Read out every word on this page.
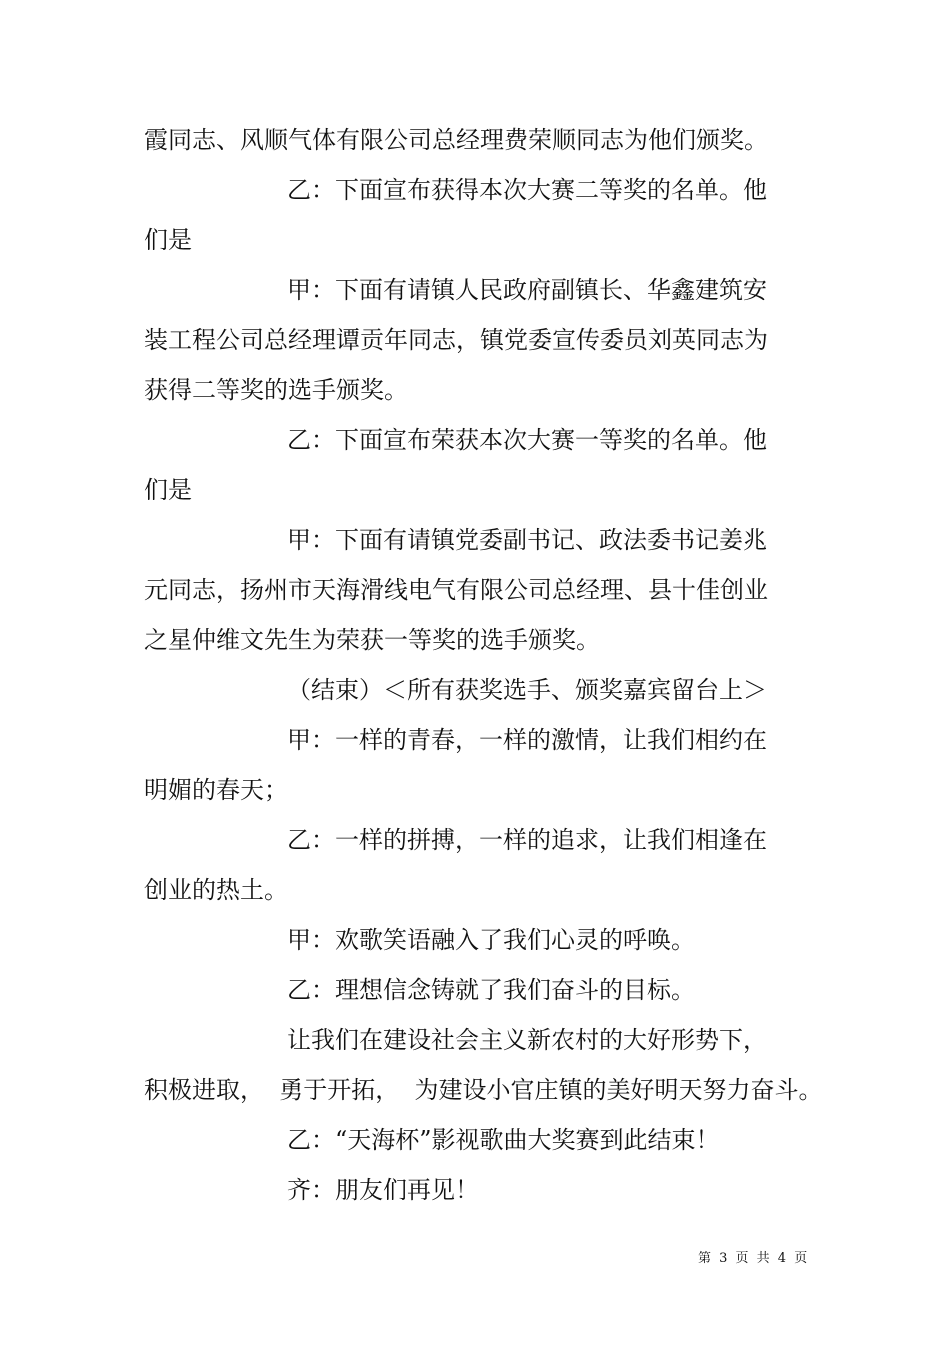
霞同志、风顺气体有限公司总经理费荣顺同志为他们颁奖。
乙：下面宣布获得本次大赛二等奖的名单。他
们是
甲：下面有请镇人民政府副镇长、华鑫建筑安
装工程公司总经理谭贡年同志，镇党委宣传委员刘英同志为
获得二等奖的选手颁奖。
乙：下面宣布荣获本次大赛一等奖的名单。他
们是
甲：下面有请镇党委副书记、政法委书记姜兆
元同志，扬州市天海滑线电气有限公司总经理、县十佳创业
之星仲维文先生为荣获一等奖的选手颁奖。
（结束）＜所有获奖选手、颁奖嘉宾留台上＞
甲：一样的青春，一样的激情，让我们相约在
明媚的春天；
乙：一样的拼搏，一样的追求，让我们相逢在
创业的热土。
甲：欢歌笑语融入了我们心灵的呼唤。
乙：理想信念铸就了我们奋斗的目标。
让我们在建设社会主义新农村的大好形势下，
积极进取，  勇于开拓，  为建设小官庄镇的美好明天努力奋斗。
乙：“天海杯”影视歌曲大奖赛到此结束！
齐：朋友们再见！
第 3 页 共 4 页
